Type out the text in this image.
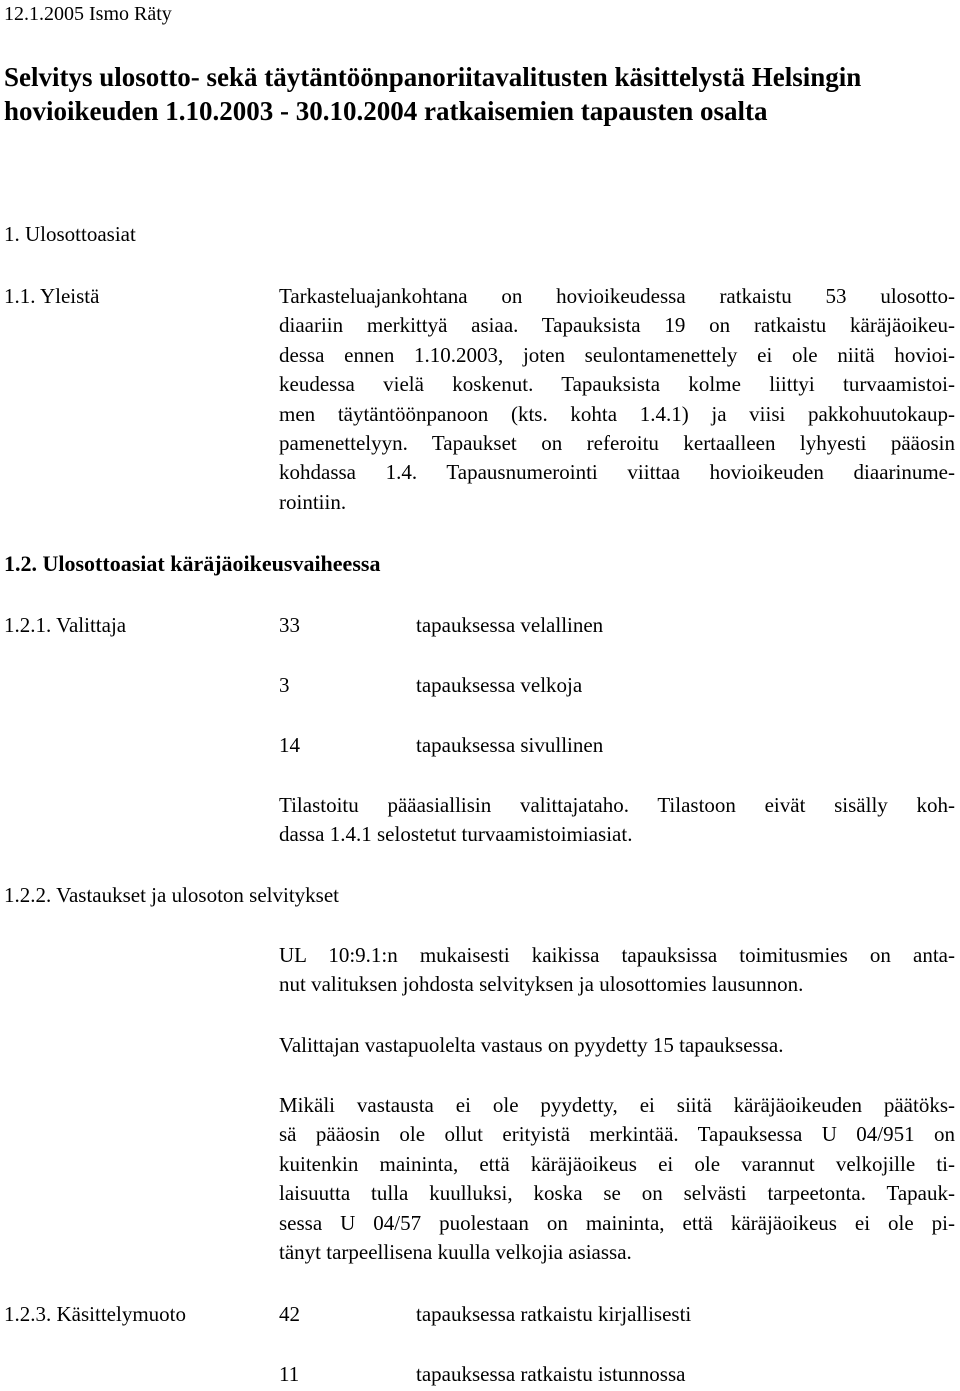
12.1.2005 Ismo Räty
Selvitys ulosotto- sekä täytäntöönpanoriitavalitusten käsittelystä Helsingin
hovioikeuden 1.10.2003 - 30.10.2004 ratkaisemien tapausten osalta
1. Ulosottoasiat
1.1. Yleistä	Tarkasteluajankohtana on hovioikeudessa ratkaistu 53 ulosotto-
diaariin merkittyä asiaa. Tapauksista 19 on ratkaistu käräjäoikeu-
dessa ennen 1.10.2003, joten seulontamenettely ei ole niitä hovioi-
keudessa vielä koskenut. Tapauksista kolme liittyi turvaamistoi-
men täytäntöönpanoon (kts. kohta 1.4.1) ja viisi pakkohuutokaup-
pamenettelyyn. Tapaukset on referoitu kertaalleen lyhyesti pääosin
kohdassa 1.4. Tapausnumerointi viittaa hovioikeuden diaarinume-
rointiin.
1.2. Ulosottoasiat käräjäoikeusvaiheessa
1.2.1. Valittaja	33	tapauksessa velallinen
3	tapauksessa velkoja
14	tapauksessa sivullinen
Tilastoitu pääasiallisin valittajataho. Tilastoon eivät sisälly koh-
dassa 1.4.1 selostetut turvaamistoimiasiat.
1.2.2. Vastaukset ja ulosoton selvitykset
UL 10:9.1:n mukaisesti kaikissa tapauksissa toimitusmies on anta-
nut valituksen johdosta selvityksen ja ulosottomies lausunnon.
Valittajan vastapuolelta vastaus on pyydetty 15 tapauksessa.
Mikäli vastausta ei ole pyydetty, ei siitä käräjäoikeuden päätöks-
sä pääosin ole ollut erityistä merkintää. Tapauksessa U 04/951 on
kuitenkin maininta, että käräjäoikeus ei ole varannut velkojille ti-
laisuutta tulla kuulluksi, koska se on selvästi tarpeetonta. Tapauk-
sessa U 04/57 puolestaan on maininta, että käräjäoikeus ei ole pi-
tänyt tarpeellisena kuulla velkojia asiassa.
1.2.3. Käsittelymuoto	42	tapauksessa ratkaistu kirjallisesti
11	tapauksessa ratkaistu istunnossa
